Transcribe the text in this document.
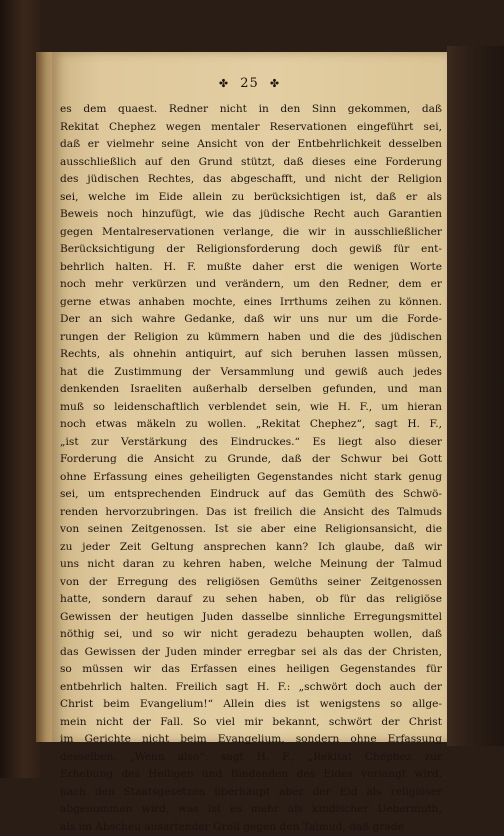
✤ 25 ✤
es dem quaest. Redner nicht in den Sinn gekommen, daß
Rekitat Chephez wegen mentaler Reservationen eingeführt sei,
daß er vielmehr seine Ansicht von der Entbehrlichkeit desselben
ausschließlich auf den Grund stützt, daß dieses eine Forderung
des jüdischen Rechtes, das abgeschafft, und nicht der Religion
sei, welche im Eide allein zu berücksichtigen ist, daß er als
Beweis noch hinzufügt, wie das jüdische Recht auch Garantien
gegen Mentalreservationen verlange, die wir in ausschließlicher
Berücksichtigung der Religionsforderung doch gewiß für ent-
behrlich halten. H. F. mußte daher erst die wenigen Worte
noch mehr verkürzen und verändern, um den Redner, dem er
gerne etwas anhaben mochte, eines Irrthums zeihen zu können.
Der an sich wahre Gedanke, daß wir uns nur um die Forde-
rungen der Religion zu kümmern haben und die des jüdischen
Rechts, als ohnehin antiquirt, auf sich beruhen lassen müssen,
hat die Zustimmung der Versammlung und gewiß auch jedes
denkenden Israeliten außerhalb derselben gefunden, und man
muß so leidenschaftlich verblendet sein, wie H. F., um hieran
noch etwas mäkeln zu wollen. „Rekitat Chephez“, sagt H. F.,
„ist zur Verstärkung des Eindruckes.“ Es liegt also dieser
Forderung die Ansicht zu Grunde, daß der Schwur bei Gott
ohne Erfassung eines geheiligten Gegenstandes nicht stark genug
sei, um entsprechenden Eindruck auf das Gemüth des Schwö-
renden hervorzubringen. Das ist freilich die Ansicht des Talmuds
von seinen Zeitgenossen. Ist sie aber eine Religionsansicht, die
zu jeder Zeit Geltung ansprechen kann? Ich glaube, daß wir
uns nicht daran zu kehren haben, welche Meinung der Talmud
von der Erregung des religiösen Gemüths seiner Zeitgenossen
hatte, sondern darauf zu sehen haben, ob für das religiöse
Gewissen der heutigen Juden dasselbe sinnliche Erregungsmittel
nöthig sei, und so wir nicht geradezu behaupten wollen, daß
das Gewissen der Juden minder erregbar sei als das der Christen,
so müssen wir das Erfassen eines heiligen Gegenstandes für
entbehrlich halten. Freilich sagt H. F.: „schwört doch auch der
Christ beim Evangelium!“ Allein dies ist wenigstens so allge-
mein nicht der Fall. So viel mir bekannt, schwört der Christ
im Gerichte nicht beim Evangelium, sondern ohne Erfassung
desselben. „Wenn also“, sagt H. F., „Rekitat Chephez zur
Erhebung des Heiligen und Bindenden des Eides verlangt wird,
nach den Staatsgesetzen überhaupt aber der Eid als religiöser
abgenommen wird, was ist es mehr als kindischer Uebermuth,
als im Abscheu ausartender Groll gegen den Talmud, daß grade
